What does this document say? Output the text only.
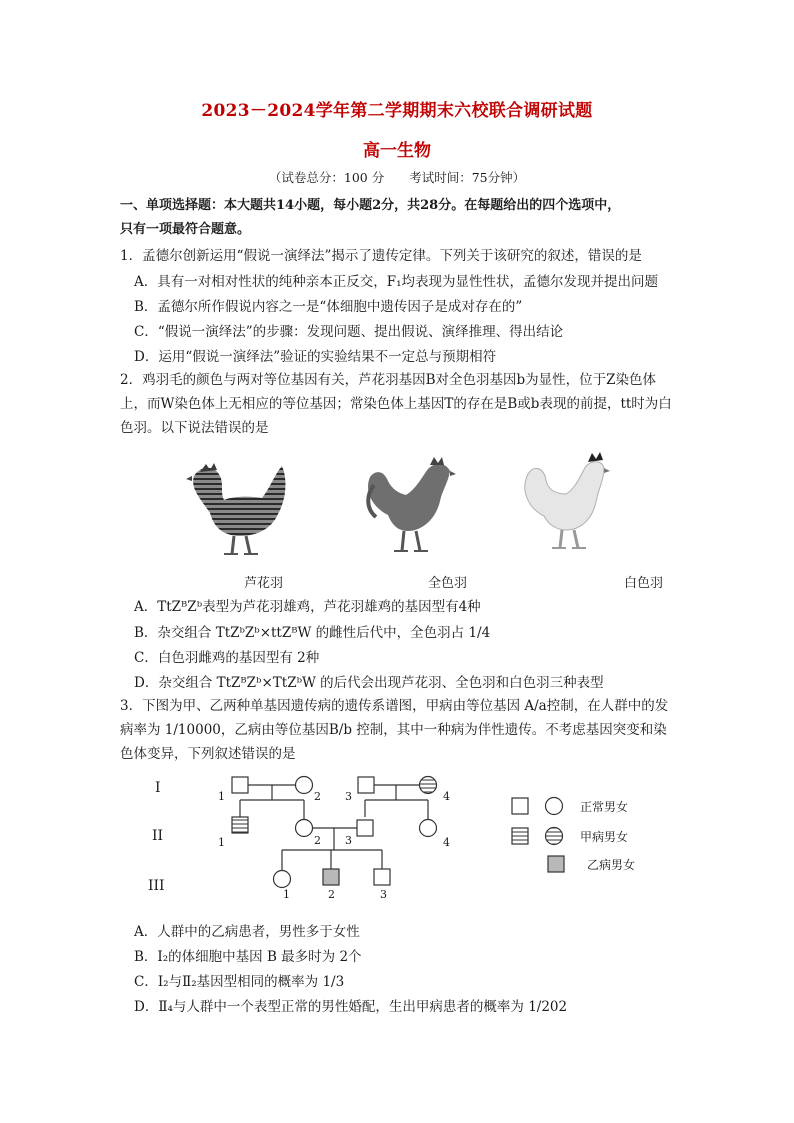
2023－2024学年第二学期期末六校联合调研试题
高一生物
（试卷总分：100 分　　考试时间：75分钟）
一、单项选择题：本大题共14小题，每小题2分，共28分。在每题给出的四个选项中，
只有一项最符合题意。
1．孟德尔创新运用“假说一演绎法”揭示了遗传定律。下列关于该研究的叙述，错误的是
A．具有一对相对性状的纯种亲本正反交，F₁均表现为显性性状，孟德尔发现并提出问题
B．孟德尔所作假说内容之一是“体细胞中遗传因子是成对存在的”
C．“假说一演绎法”的步骤：发现问题、提出假说、演绎推理、得出结论
D．运用“假说一演绎法”验证的实验结果不一定总与预期相符
2．鸡羽毛的颜色与两对等位基因有关，芦花羽基因B对全色羽基因b为显性，位于Z染色体上，而W染色体上无相应的等位基因；常染色体上基因T的存在是B或b表现的前提，tt时为白色羽。以下说法错误的是
芦花羽	全色羽	白色羽
A．TtZᴮZᵇ表型为芦花羽雄鸡，芦花羽雄鸡的基因型有4种
B．杂交组合 TtZᵇZᵇ×ttZᴮW 的雌性后代中，全色羽占 1/4
C．白色羽雌鸡的基因型有 2种
D．杂交组合 TtZᴮZᵇ×TtZᵇW 的后代会出现芦花羽、全色羽和白色羽三种表型
3．下图为甲、乙两种单基因遗传病的遗传系谱图，甲病由等位基因 A/a控制，在人群中的发病率为 1/10000，乙病由等位基因B/b 控制，其中一种病为伴性遗传。不考虑基因突变和染色体变异，下列叙述错误的是
I
II
III
1	2 3	4
1	2 3	4
1	2	3
正常男女
甲病男女
乙病男女
A．人群中的乙病患者，男性多于女性
B．Ⅰ₂的体细胞中基因 B 最多时为 2个
C．Ⅰ₂与Ⅱ₂基因型相同的概率为 1/3
D．Ⅱ₄与人群中一个表型正常的男性婚配，生出甲病患者的概率为 1/202
